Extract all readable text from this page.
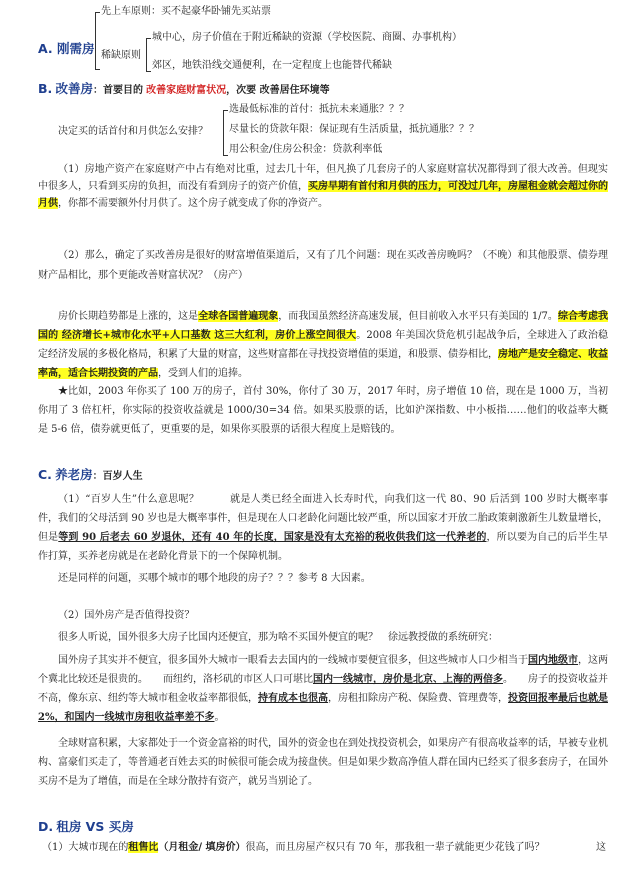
A. 刚需房
先上车原则：买不起豪华卧铺先买站票
稀缺原则
城中心，房子价值在于附近稀缺的资源（学校医院、商圈、办事机构）
郊区，地铁沿线交通便利，在一定程度上也能替代稀缺
B. 改善房：首要目的 改善家庭财富状况，次要 改善居住环境等
决定买的话首付和月供怎么安排？
选最低标准的首付：抵抗未来通胀？？？
尽量长的贷款年限：保证现有生活质量，抵抗通胀？？？
用公积金/住房公积金：贷款利率低
（1）房地产资产在家庭财产中占有绝对比重，过去几十年，但凡换了几套房子的人家庭财富状况都得到了很大改善。但现实中很多人，只看到买房的负担，而没有看到房子的资产价值，买房早期有首付和月供的压力，可没过几年，房屋租金就会超过你的月供，你都不需要额外付月供了。这个房子就变成了你的净资产。
（2）那么，确定了买改善房是很好的财富增值渠道后，又有了几个问题：现在买改善房晚吗？（不晚）和其他股票、债券理财产品相比，那个更能改善财富状况？（房产）
房价长期趋势都是上涨的，这是全球各国普遍现象，而我国虽然经济高速发展，但目前收入水平只有美国的 1/7。综合考虑我国的 经济增长+城市化水平+人口基数 这三大红利，房价上涨空间很大。2008 年美国次贷危机引起战争后，全球进入了政治稳定经济发展的多极化格局，积累了大量的财富，这些财富都在寻找投资增值的渠道，和股票、债券相比，房地产是安全稳定、收益率高，适合长期投资的产品，受到人们的追捧。
★比如，2003 年你买了 100 万的房子，首付 30%，你付了 30 万，2017 年时，房子增值 10 倍，现在是 1000 万，当初你用了 3 倍杠杆，你实际的投资收益就是 1000/30=34 倍。如果买股票的话，比如沪深指数、中小板指……他们的收益率大概是 5-6 倍，债券就更低了，更重要的是，如果你买股票的话很大程度上是赔钱的。
C. 养老房：百岁人生
（1）“百岁人生”什么意思呢？　　　就是人类已经全面进入长寿时代，向我们这一代 80、90 后活到 100 岁时大概率事件，我们的父母活到 90 岁也是大概率事件，但是现在人口老龄化问题比较严重，所以国家才开放二胎政策刺激新生儿数量增长，但是等到 90 后老去 60 岁退休，还有 40 年的长度，国家是没有太充裕的税收供我们这一代养老的，所以要为自己的后半生早作打算，买养老房就是在老龄化背景下的一个保障机制。
还是同样的问题，买哪个城市的哪个地段的房子？？？参考 8 大因素。
（2）国外房产是否值得投资？
很多人听说，国外很多大房子比国内还便宜，那为啥不买国外便宜的呢？　徐远教授做的系统研究：
国外房子其实并不便宜，很多国外大城市一眼看去去国内的一线城市要便宜很多，但这些城市人口少相当于国内地级市，这两个冀北比较还是很贵的。　　而纽约，洛杉矶的市区人口可堪比国内一线城市，房价是北京、上海的两倍多。　　房子的投资收益并不高，像东京、纽约等大城市租金收益率都很低，持有成本也很高，房租扣除房产税、保险费、管理费等，投资回报率最后也就是 2%，和国内一线城市房租收益率差不多。
全球财富积累，大家都处于一个资金富裕的时代，国外的资金也在到处找投资机会，如果房产有很高收益率的话，早被专业机构、富豪们买走了，等普通老百姓去买的时候很可能会成为接盘侠。但是如果少数高净值人群在国内已经买了很多套房子，在国外买房不是为了增值，而是在全球分散持有资产，就另当别论了。
D. 租房 VS 买房
（1）大城市现在的租售比（月租金/ 填房价）很高，而且房屋产权只有 70 年，那我租一辈子就能更少花钱了吗？	这
